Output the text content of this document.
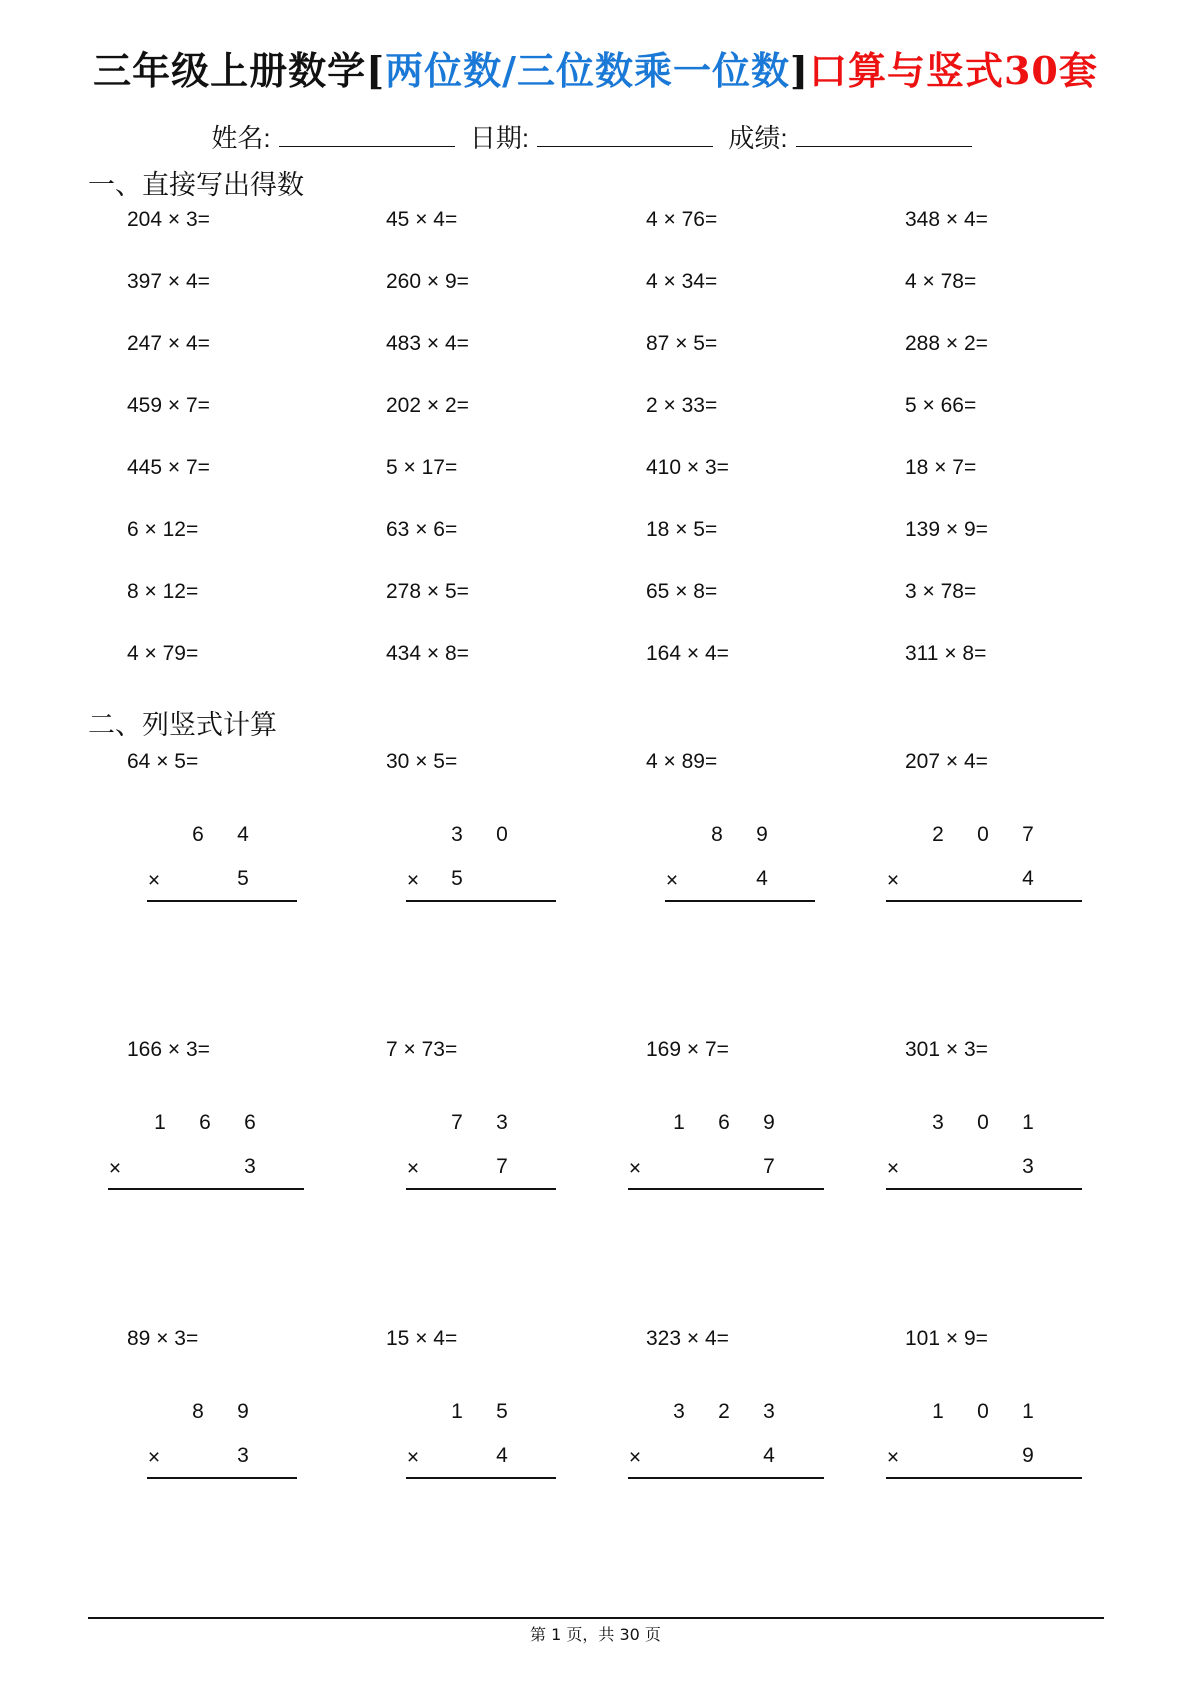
三年级上册数学[两位数/三位数乘一位数]口算与竖式30套
姓名:	日期:	成绩:
一、直接写出得数
204 × 3=	45 × 4=	4 × 76=	348 × 4=
397 × 4=	260 × 9=	4 × 34=	4 × 78=
247 × 4=	483 × 4=	87 × 5=	288 × 2=
459 × 7=	202 × 2=	2 × 33=	5 × 66=
445 × 7=	5 × 17=	410 × 3=	18 × 7=
6 × 12=	63 × 6=	18 × 5=	139 × 9=
8 × 12=	278 × 5=	65 × 8=	3 × 78=
4 × 79=	434 × 8=	164 × 4=	311 × 8=
二、列竖式计算
64 × 5=
6 4
×	5
30 × 5=
3 0
× 5
4 × 89=
8 9
×	4
207 × 4=
2 0 7
×	4
166 × 3=
1 6 6
×	3
7 × 73=
7 3
×	7
169 × 7=
1 6 9
×	7
301 × 3=
3 0 1
×	3
89 × 3=
8 9
×	3
15 × 4=
1 5
×	4
323 × 4=
3 2 3
×	4
101 × 9=
1 0 1
×	9
第 1 页，共 30 页
